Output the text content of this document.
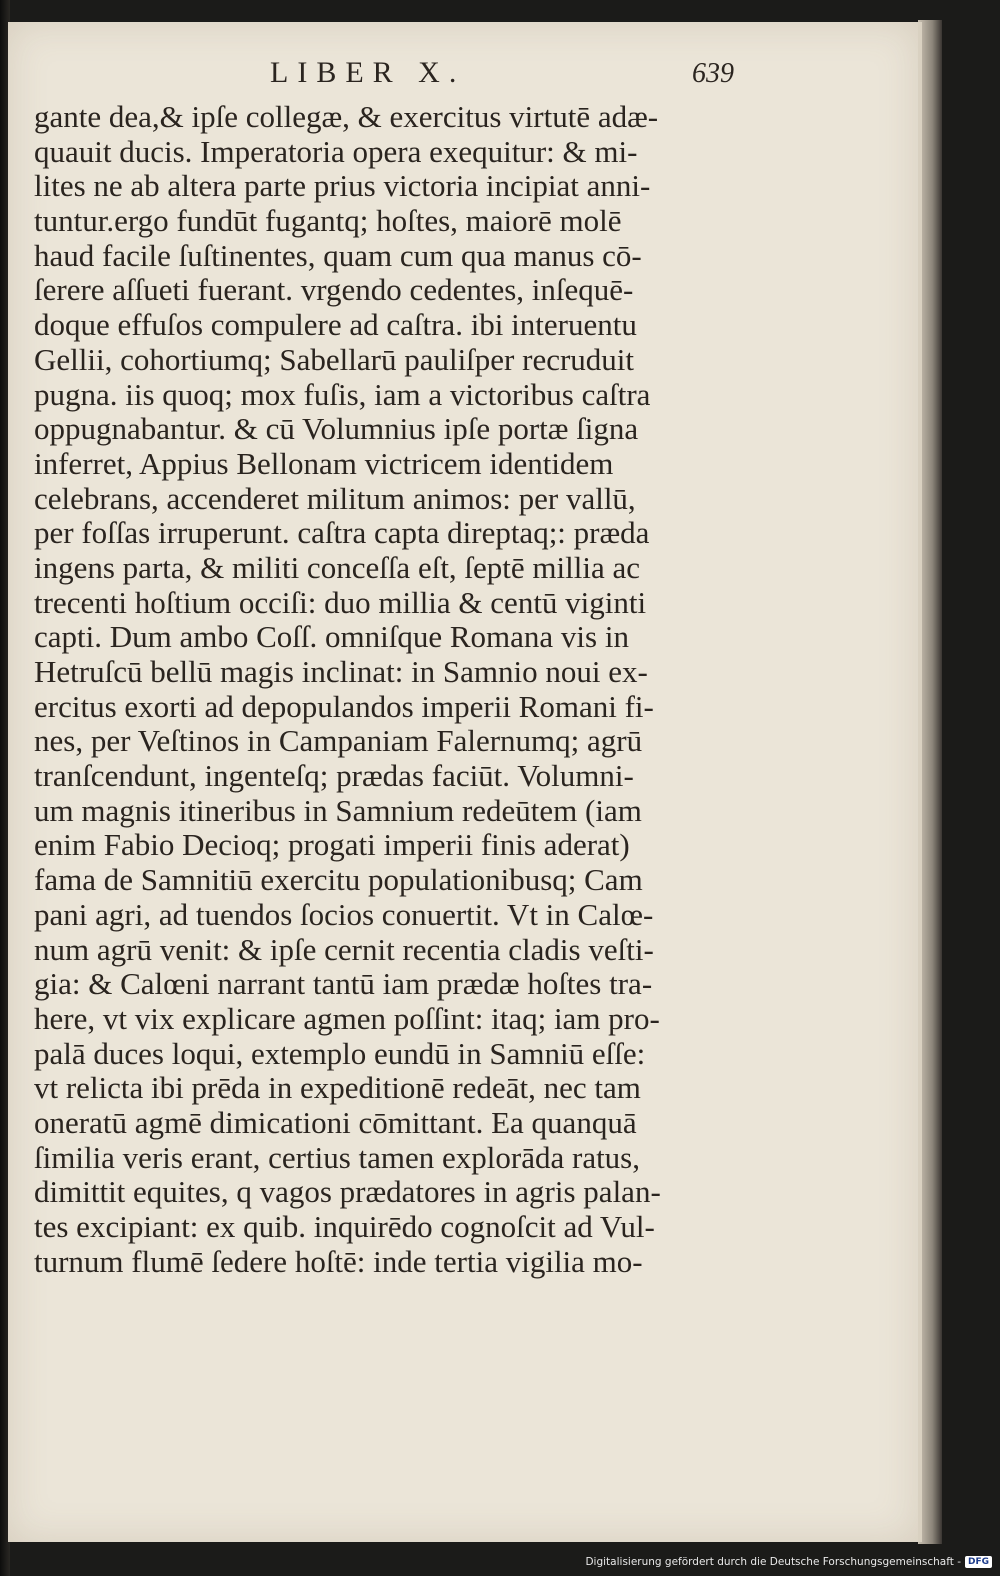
LIBER X.	639
gante dea,& ipſe collegæ, & exercitus virtutē adæ-
quauit ducis. Imperatoria opera exequitur: & mi-
lites ne ab altera parte prius victoria incipiat anni-
tuntur.ergo fundūt fugantq; hoſtes, maiorē molē
haud facile ſuſtinentes, quam cum qua manus cō-
ſerere aſſueti fuerant. vrgendo cedentes, inſequē-
doque effuſos compulere ad caſtra. ibi interuentu
Gellii, cohortiumq; Sabellarū pauliſper recruduit
pugna. iis quoq; mox fuſis, iam a victoribus caſtra
oppugnabantur. & cū Volumnius ipſe portæ ſigna
inferret, Appius Bellonam victricem identidem
celebrans, accenderet militum animos: per vallū,
per foſſas irruperunt. caſtra capta direptaq;: præda
ingens parta, & militi conceſſa eſt, ſeptē millia ac
trecenti hoſtium occiſi: duo millia & centū viginti
capti. Dum ambo Coſſ. omniſque Romana vis in
Hetruſcū bellū magis inclinat: in Samnio noui ex-
ercitus exorti ad depopulandos imperii Romani fi-
nes, per Veſtinos in Campaniam Falernumq; agrū
tranſcendunt, ingenteſq; prædas faciūt. Volumni-
um magnis itineribus in Samnium redeūtem (iam
enim Fabio Decioq; progati imperii finis aderat)
fama de Samnitiū exercitu populationibusq; Cam
pani agri, ad tuendos ſocios conuertit. Vt in Calœ-
num agrū venit: & ipſe cernit recentia cladis veſti-
gia: & Calœni narrant tantū iam prædæ hoſtes tra-
here, vt vix explicare agmen poſſint: itaq; iam pro-
palā duces loqui, extemplo eundū in Samniū eſſe:
vt relicta ibi prēda in expeditionē redeāt, nec tam
oneratū agmē dimicationi cōmittant. Ea quanquā
ſimilia veris erant, certius tamen explorāda ratus,
dimittit equites, q vagos prædatores in agris palan-
tes excipiant: ex quib. inquirēdo cognoſcit ad Vul-
turnum flumē ſedere hoſtē: inde tertia vigilia mo-
Digitalisierung gefördert durch die Deutsche Forschungsgemeinschaft - DFG
